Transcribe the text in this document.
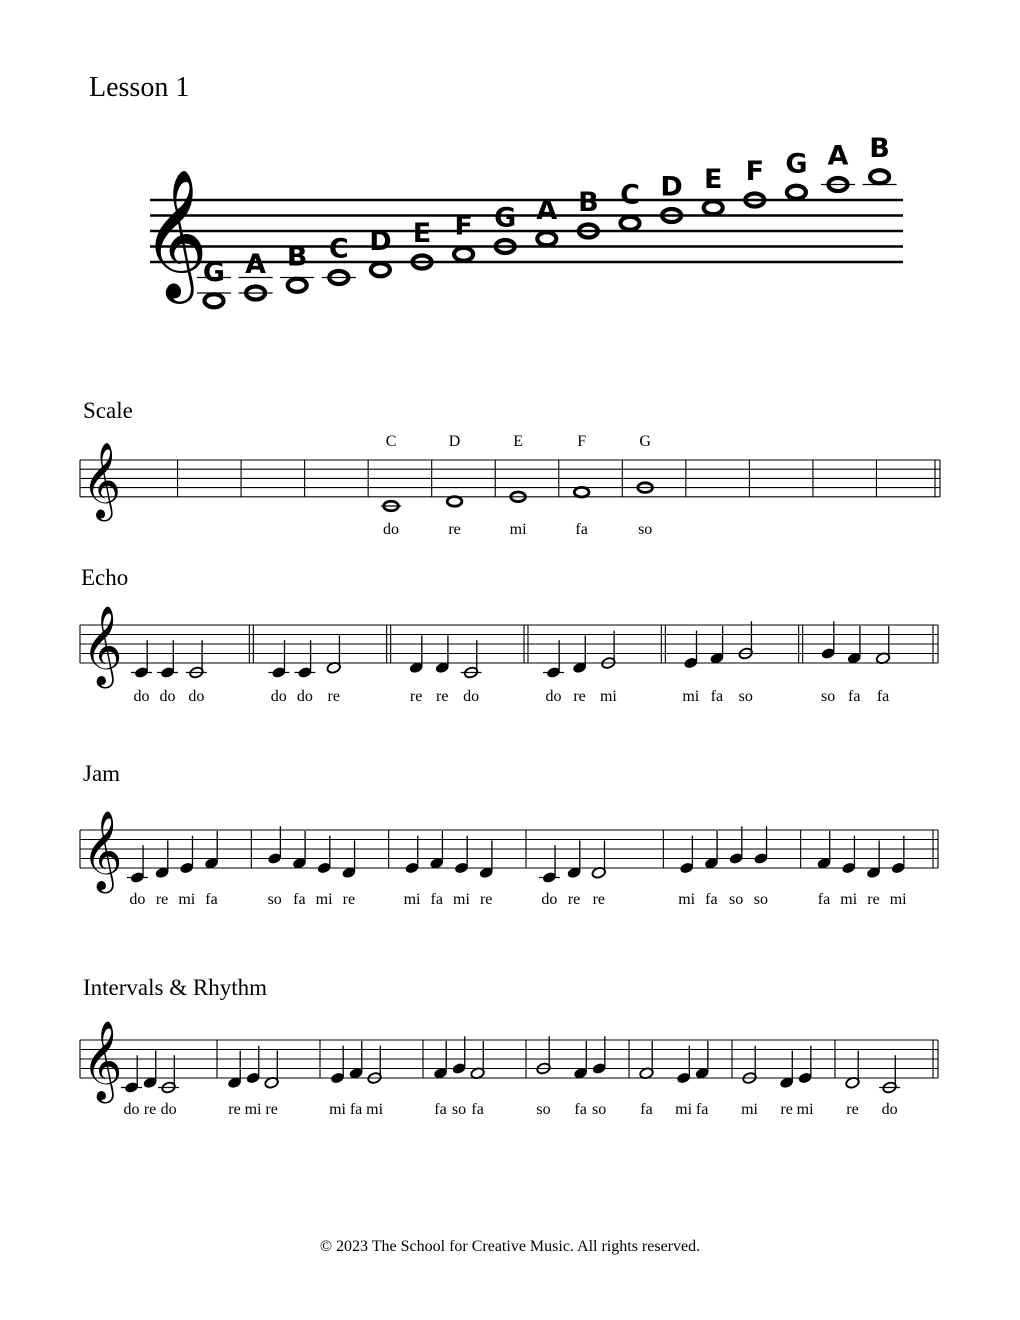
Lesson 1
𝄞
G A B C D E F G A B C D E F G A B
Scale
𝄞	C
do
D
re
E
mi
F
fa
G
so
Echo
𝄞
do do do	do do re	re re do	do re mi	mi fa so	so fa fa
Jam
𝄞
do re mi fa	so fa mi re	mi fa mi re	do re re	mi fa so so	fa mi re mi
Intervals & Rhythm
𝄞
do re do	re mi re	mi fa mi	fa so fa	so fa so fa mi fa mi re mi re do
© 2023 The School for Creative Music. All rights reserved.
